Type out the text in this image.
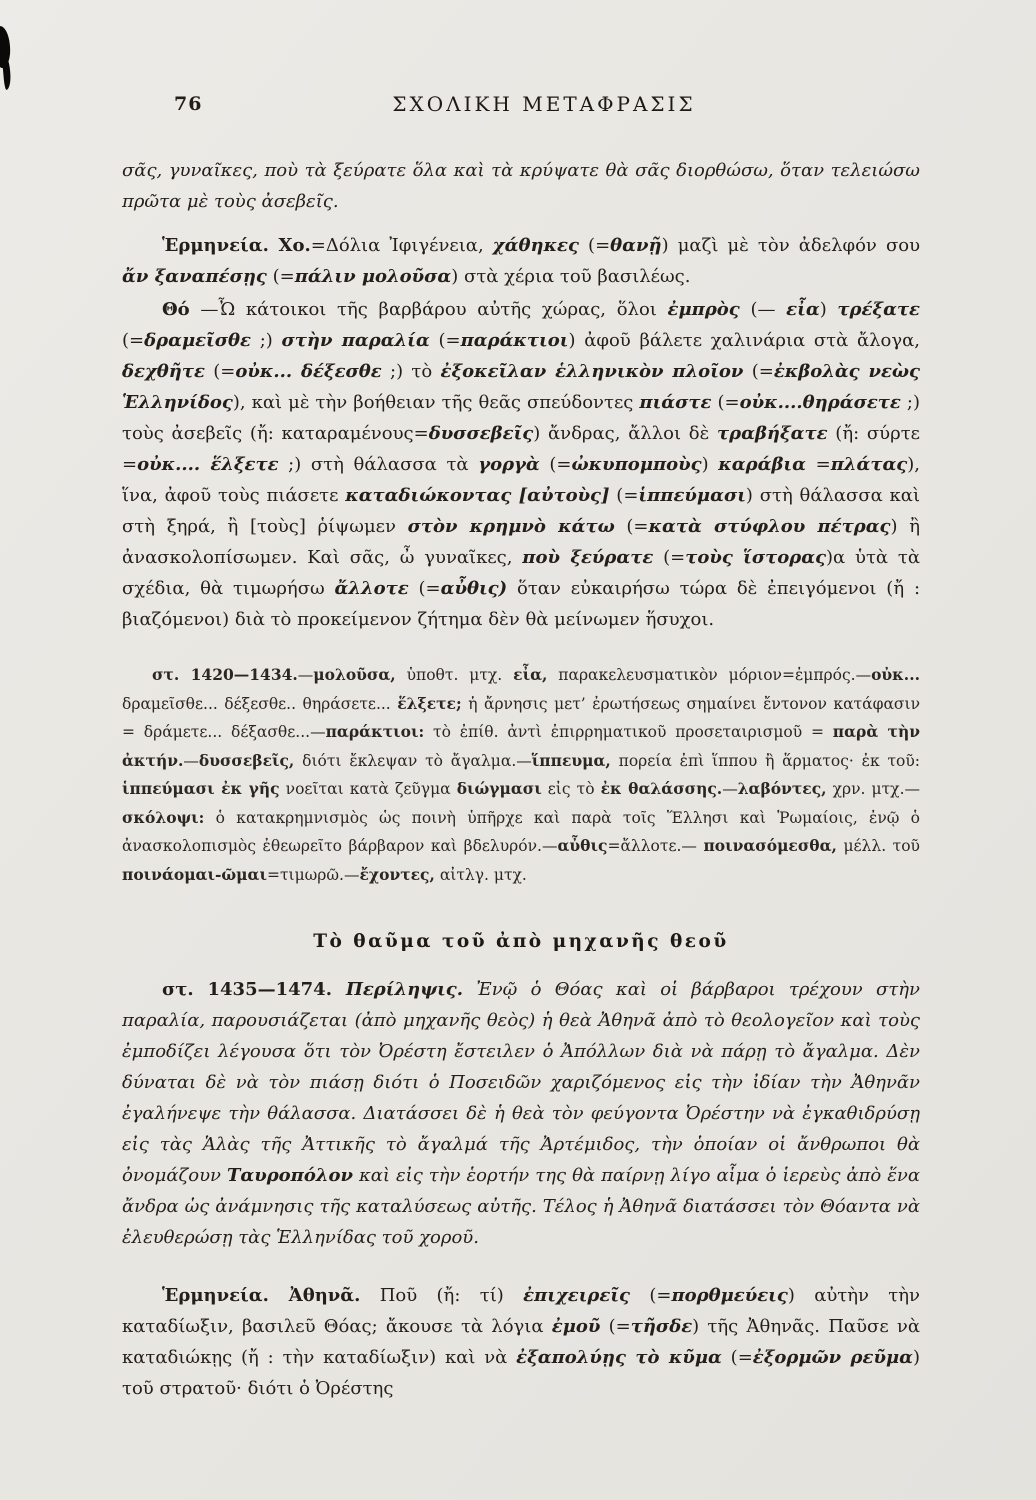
76	ΣΧΟΛΙΚΗ ΜΕΤΑΦΡΑΣΙΣ

σᾶς, γυναῖκες, ποὺ τὰ ξεύρατε ὅλα καὶ τὰ κρύψατε θὰ σᾶς διορθώσω, ὅταν τελειώσω πρῶτα μὲ τοὺς ἀσεβεῖς.

Ἑρμηνεία. Χο.=Δόλια Ἰφιγένεια, χάθηκες (=θανῇ) μαζὶ μὲ τὸν ἀδελφόν σου ἄν ξαναπέσῃς (=πάλιν μολοῦσα) στὰ χέρια τοῦ βασιλέως.

Θό —Ὦ κάτοικοι τῆς βαρβάρου αὐτῆς χώρας, ὅλοι ἐμπρὸς (— εἶα) τρέξατε (=δραμεῖσθε ;) στὴν παραλία (=παράκτιοι) ἀφοῦ βάλετε χαλινάρια στὰ ἄλογα, δεχθῆτε (=οὐκ... δέξεσθε ;) τὸ ἐξοκεῖλαν ἑλληνικὸν πλοῖον (=ἐκβολὰς νεὼς Ἑλληνίδος), καὶ μὲ τὴν βοήθειαν τῆς θεᾶς σπεύδοντες πιάστε (=οὐκ....θηράσετε ;) τοὺς ἀσεβεῖς (ἤ: καταραμένους=δυσσεβεῖς) ἄνδρας, ἄλλοι δὲ τραβήξατε (ἤ: σύρτε =οὐκ.... ἕλξετε ;) στὴ θάλασσα τὰ γοργὰ (=ὠκυπομποὺς) καράβια =πλάτας), ἵνα, ἀφοῦ τοὺς πιάσετε καταδιώκοντας [αὐτοὺς] (=ἱππεύμασι) στὴ θάλασσα καὶ στὴ ξηρά, ἢ [τοὺς] ῥίψωμεν στὸν κρημνὸ κάτω (=κατὰ στύφλου πέτρας) ἢ ἀνασκολοπίσωμεν. Καὶ σᾶς, ὦ γυναῖκες, ποὺ ξεύρατε (=τοὺς ἵστορας)α ὑτὰ τὰ σχέδια, θὰ τιμωρήσω ἄλλοτε (=αὖθις) ὅταν εὐκαιρήσω τώρα δὲ ἐπειγόμενοι (ἤ : βιαζόμενοι) διὰ τὸ προκείμενον ζήτημα δὲν θὰ μείνωμεν ἥσυχοι.

στ. 1420—1434.—μολοῦσα, ὑποθτ. μτχ. εἶα, παρακελευσματικὸν μόριον=ἐμπρός.—οὐκ... δραμεῖσθε... δέξεσθε.. θηράσετε... ἕλξετε; ἡ ἄρνησις μετ’ ἐρωτήσεως σημαίνει ἔντονον κατάφασιν = δράμετε... δέξασθε...—παράκτιοι: τὸ ἐπίθ. ἀντὶ ἐπιρρηματικοῦ προσεταιρισμοῦ = παρὰ τὴν ἀκτήν.—δυσσεβεῖς, διότι ἔκλεψαν τὸ ἄγαλμα.—ἵππευμα, πορεία ἐπὶ ἵππου ἢ ἅρματος· ἐκ τοῦ: ἱππεύμασι ἐκ γῆς νοεῖται κατὰ ζεῦγμα διώγμασι εἰς τὸ ἐκ θαλάσσης.—λαβόντες, χρν. μτχ.—σκόλοψι: ὁ κατακρημνισμὸς ὡς ποινὴ ὑπῆρχε καὶ παρὰ τοῖς Ἕλλησι καὶ Ῥωμαίοις, ἐνῷ ὁ ἀνασκολοπισμὸς ἐθεωρεῖτο βάρβαρον καὶ βδελυρόν.—αὖθις=ἄλλοτε.— ποινασόμεσθα, μέλλ. τοῦ ποινάομαι-ῶμαι=τιμωρῶ.—ἔχοντες, αἰτλγ. μτχ.

Τὸ θαῦμα τοῦ ἀπὸ μηχανῆς θεοῦ

στ. 1435—1474. Περίληψις. Ἐνῷ ὁ Θόας καὶ οἱ βάρβαροι τρέχουν στὴν παραλία, παρουσιάζεται (ἀπὸ μηχανῆς θεὸς) ἡ θεὰ Ἀθηνᾶ ἀπὸ τὸ θεολογεῖον καὶ τοὺς ἐμποδίζει λέγουσα ὅτι τὸν Ὀρέστη ἔστειλεν ὁ Ἀπόλλων διὰ νὰ πάρῃ τὸ ἄγαλμα. Δὲν δύναται δὲ νὰ τὸν πιάσῃ διότι ὁ Ποσειδῶν χαριζόμενος εἰς τὴν ἰδίαν τὴν Ἀθηνᾶν ἐγαλήνεψε τὴν θάλασσα. Διατάσσει δὲ ἡ θεὰ τὸν φεύγοντα Ὀρέστην νὰ ἐγκαθιδρύσῃ εἰς τὰς Ἁλὰς τῆς Ἀττικῆς τὸ ἄγαλμά τῆς Ἀρτέμιδος, τὴν ὁποίαν οἱ ἄνθρωποι θὰ ὀνομάζουν Ταυροπόλον καὶ εἰς τὴν ἑορτήν της θὰ παίρνῃ λίγο αἷμα ὁ ἱερεὺς ἀπὸ ἕνα ἄνδρα ὡς ἀνάμνησις τῆς καταλύσεως αὐτῆς. Τέλος ἡ Ἀθηνᾶ διατάσσει τὸν Θόαντα νὰ ἐλευθερώσῃ τὰς Ἑλληνίδας τοῦ χοροῦ.

Ἑρμηνεία. Ἀθηνᾶ. Ποῦ (ἤ: τί) ἐπιχειρεῖς (=πορθμεύεις) αὐτὴν τὴν καταδίωξιν, βασιλεῦ Θόας; ἄκουσε τὰ λόγια ἐμοῦ (=τῆσδε) τῆς Ἀθηνᾶς. Παῦσε νὰ καταδιώκῃς (ἤ : τὴν καταδίωξιν) καὶ νὰ ἐξαπολύῃς τὸ κῦμα (=ἐξορμῶν ρεῦμα) τοῦ στρατοῦ· διότι ὁ Ὀρέστης
